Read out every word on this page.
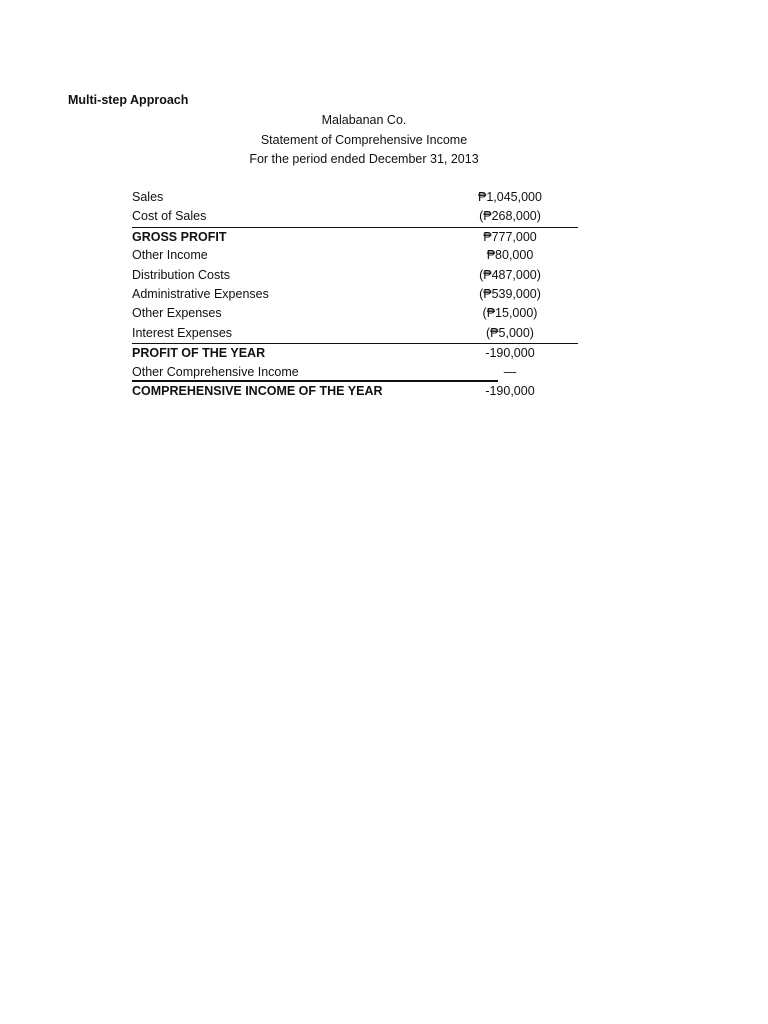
Multi-step Approach
Malabanan Co.
Statement of Comprehensive Income
For the period ended December 31, 2013
Sales	₱1,045,000
Cost of Sales	(₱268,000)
GROSS PROFIT	₱777,000
Other Income	₱80,000
Distribution Costs	(₱487,000)
Administrative Expenses	(₱539,000)
Other Expenses	(₱15,000)
Interest Expenses	(₱5,000)
PROFIT OF THE YEAR	-190,000
Other Comprehensive Income	—
COMPREHENSIVE INCOME OF THE YEAR	-190,000
